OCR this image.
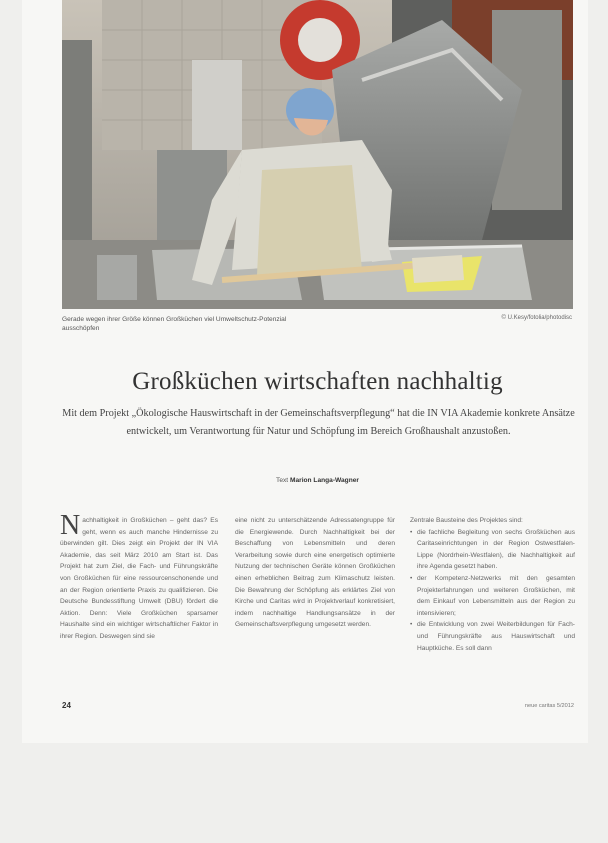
Gerade wegen ihrer Größe können Großküchen viel Umweltschutz-Potenzial ausschöpfen
© U.Kesy/fotolia/photodisc
Großküchen wirtschaften nachhaltig

Mit dem Projekt „Ökologische Hauswirtschaft in der Gemeinschaftsverpflegung“ hat die IN VIA Akademie konkrete Ansätze entwickelt, um Verantwortung für Natur und Schöpfung im Bereich Großhaushalt anzustoßen.

Text Marion Langa-Wagner

Nachhaltigkeit in Großküchen – geht das? Es geht, wenn es auch manche Hindernisse zu überwinden gilt. Dies zeigt ein Projekt der IN VIA Akademie, das seit März 2010 am Start ist. Das Projekt hat zum Ziel, die Fach- und Führungskräfte von Großküchen für eine ressourcenschonende und an der Region orientierte Praxis zu qualifizieren. Die Deutsche Bundesstiftung Umwelt (DBU) fördert die Aktion. Denn: Viele Großküchen sparsamer Haushalte sind ein wichtiger wirtschaftlicher Faktor in ihrer Region. Deswegen sind sie

eine nicht zu unterschätzende Adressatengruppe für die Energiewende. Durch Nachhaltigkeit bei der Beschaffung von Lebensmitteln und deren Verarbeitung sowie durch eine energetisch optimierte Nutzung der technischen Geräte können Großküchen einen erheblichen Beitrag zum Klimaschutz leisten. Die Bewahrung der Schöpfung als erklärtes Ziel von Kirche und Caritas wird in Projektverlauf konkretisiert, indem nachhaltige Handlungsansätze in der Gemeinschaftsverpflegung umgesetzt werden.

Zentrale Bausteine des Projektes sind:
• die fachliche Begleitung von sechs Großküchen aus Caritaseinrichtungen in der Region Ostwestfalen-Lippe (Nordrhein-Westfalen), die Nachhaltigkeit auf ihre Agenda gesetzt haben.
• der Kompetenz-Netzwerks mit den gesamten Projekterfahrungen und weiteren Großküchen, mit dem Einkauf von Lebensmitteln aus der Region zu intensivieren;
• die Entwicklung von zwei Weiterbildungen für Fach- und Führungskräfte aus Hauswirtschaft und Hauptküche. Es soll dann
24	neue caritas 5/2012
